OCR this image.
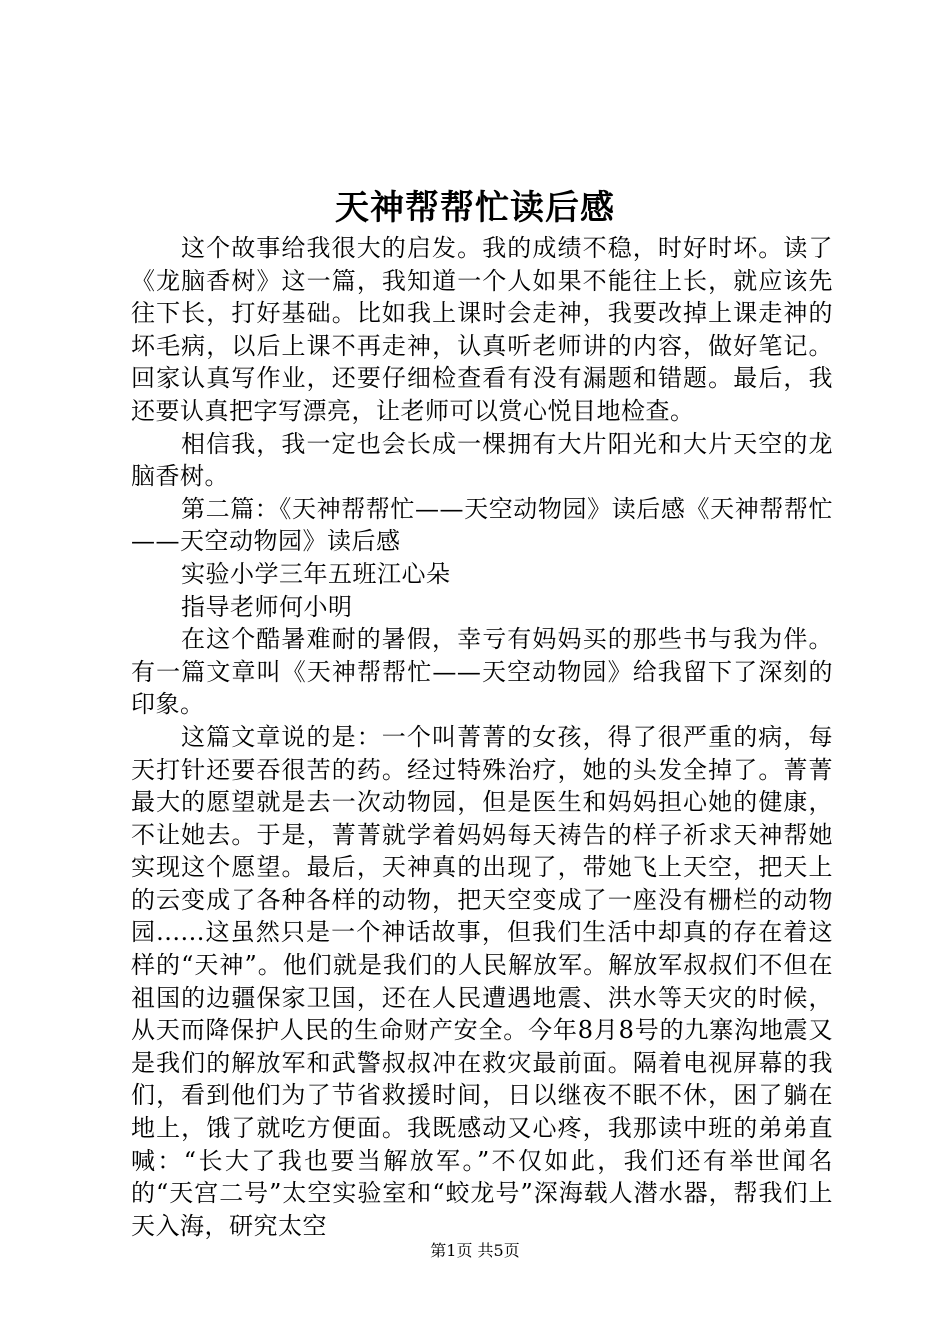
天神帮帮忙读后感

这个故事给我很大的启发。我的成绩不稳，时好时坏。读了《龙脑香树》这一篇，我知道一个人如果不能往上长，就应该先往下长，打好基础。比如我上课时会走神，我要改掉上课走神的坏毛病，以后上课不再走神，认真听老师讲的内容，做好笔记。回家认真写作业，还要仔细检查看有没有漏题和错题。最后，我还要认真把字写漂亮，让老师可以赏心悦目地检查。

相信我，我一定也会长成一棵拥有大片阳光和大片天空的龙脑香树。

第二篇：《天神帮帮忙——天空动物园》读后感《天神帮帮忙——天空动物园》读后感

实验小学三年五班江心朵

指导老师何小明

在这个酷暑难耐的暑假，幸亏有妈妈买的那些书与我为伴。有一篇文章叫《天神帮帮忙——天空动物园》给我留下了深刻的印象。

这篇文章说的是：一个叫菁菁的女孩，得了很严重的病，每天打针还要吞很苦的药。经过特殊治疗，她的头发全掉了。菁菁最大的愿望就是去一次动物园，但是医生和妈妈担心她的健康，不让她去。于是，菁菁就学着妈妈每天祷告的样子祈求天神帮她实现这个愿望。最后，天神真的出现了，带她飞上天空，把天上的云变成了各种各样的动物，把天空变成了一座没有栅栏的动物园......这虽然只是一个神话故事，但我们生活中却真的存在着这样的“天神”。他们就是我们的人民解放军。解放军叔叔们不但在祖国的边疆保家卫国，还在人民遭遇地震、洪水等天灾的时候，从天而降保护人民的生命财产安全。今年8月8号的九寨沟地震又是我们的解放军和武警叔叔冲在救灾最前面。隔着电视屏幕的我们，看到他们为了节省救援时间，日以继夜不眠不休，困了躺在地上，饿了就吃方便面。我既感动又心疼，我那读中班的弟弟直喊：“长大了我也要当解放军。”不仅如此，我们还有举世闻名的“天宫二号”太空实验室和“蛟龙号”深海载人潜水器，帮我们上天入海，研究太空

第1页 共5页
